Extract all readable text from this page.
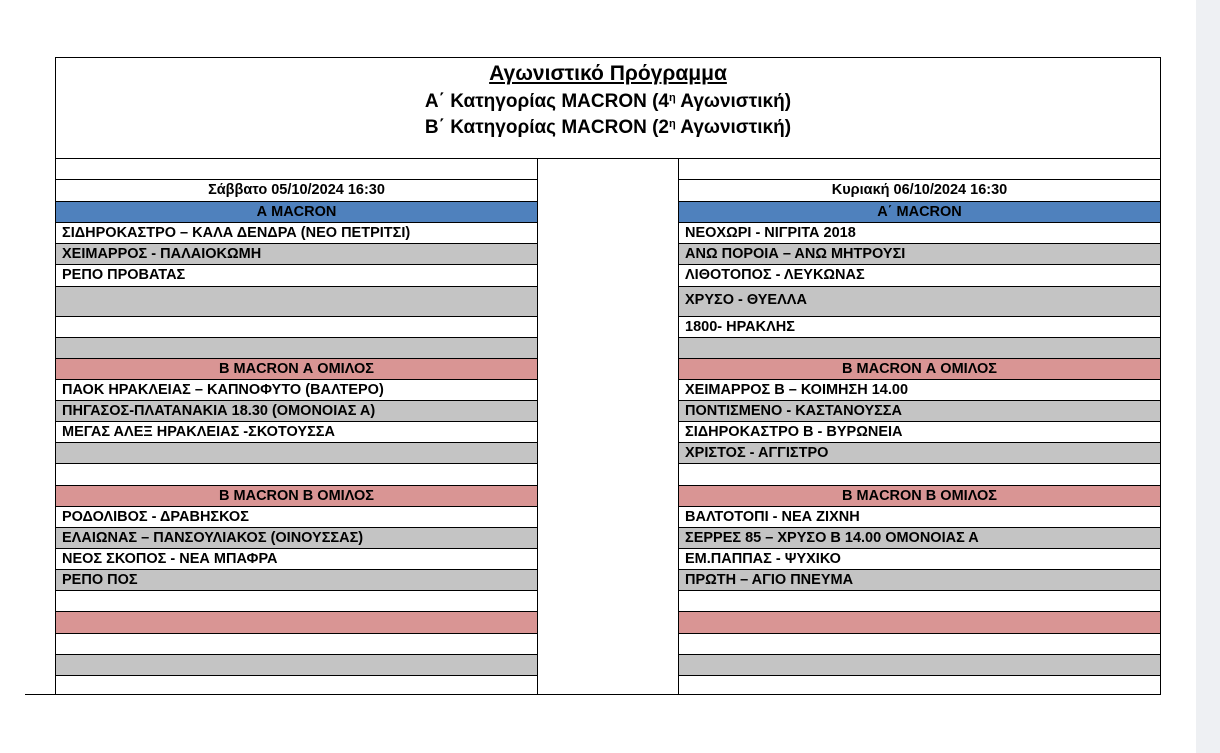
Αγωνιστικό Πρόγραμμα
Α΄ Κατηγορίας MACRON ($4^\eta$ Αγωνιστική)
Β΄ Κατηγορίας MACRON ($2^\eta$ Αγωνιστική)
Σάββατο 05/10/2024 16:30
Α MACRON
ΣΙΔΗΡΟΚΑΣΤΡΟ – ΚΑΛΑ ΔΕΝΔΡΑ (ΝΕΟ ΠΕΤΡΙΤΣΙ)
ΧΕΙΜΑΡΡΟΣ - ΠΑΛΑΙΟΚΩΜΗ
ΡΕΠΟ ΠΡΟΒΑΤΑΣ
Β MACRON Α ΟΜΙΛΟΣ
ΠΑΟΚ ΗΡΑΚΛΕΙΑΣ – ΚΑΠΝΟΦΥΤΟ (ΒΑΛΤΕΡΟ)
ΠΗΓΑΣΟΣ-ΠΛΑΤΑΝΑΚΙΑ 18.30 (ΟΜΟΝΟΙΑΣ Α)
ΜΕΓΑΣ ΑΛΕΞ ΗΡΑΚΛΕΙΑΣ -ΣΚΟΤΟΥΣΣΑ
Β MACRON Β ΟΜΙΛΟΣ
ΡΟΔΟΛΙΒΟΣ - ΔΡΑΒΗΣΚΟΣ
ΕΛΑΙΩΝΑΣ – ΠΑΝΣΟΥΛΙΑΚΟΣ (ΟΙΝΟΥΣΣΑΣ)
ΝΕΟΣ ΣΚΟΠΟΣ - ΝΕΑ ΜΠΑΦΡΑ
ΡΕΠΟ ΠΟΣ
Κυριακή 06/10/2024 16:30
Α΄ MACRON
ΝΕΟΧΩΡΙ - ΝΙΓΡΙΤΑ 2018
ΑΝΩ ΠΟΡΟΙΑ – ΑΝΩ ΜΗΤΡΟΥΣΙ
ΛΙΘΟΤΟΠΟΣ - ΛΕΥΚΩΝΑΣ
ΧΡΥΣΟ - ΘΥΕΛΛΑ
1800- ΗΡΑΚΛΗΣ
Β MACRON Α ΟΜΙΛΟΣ
ΧΕΙΜΑΡΡΟΣ Β – ΚΟΙΜΗΣΗ 14.00
ΠΟΝΤΙΣΜΕΝΟ - ΚΑΣΤΑΝΟΥΣΣΑ
ΣΙΔΗΡΟΚΑΣΤΡΟ Β - ΒΥΡΩΝΕΙΑ
ΧΡΙΣΤΟΣ - ΑΓΓΙΣΤΡΟ
Β MACRON Β ΟΜΙΛΟΣ
ΒΑΛΤΟΤΟΠΙ - ΝΕΑ ΖΙΧΝΗ
ΣΕΡΡΕΣ 85 – ΧΡΥΣΟ Β 14.00 ΟΜΟΝΟΙΑΣ Α
ΕΜ.ΠΑΠΠΑΣ - ΨΥΧΙΚΟ
ΠΡΩΤΗ – ΑΓΙΟ ΠΝΕΥΜΑ
